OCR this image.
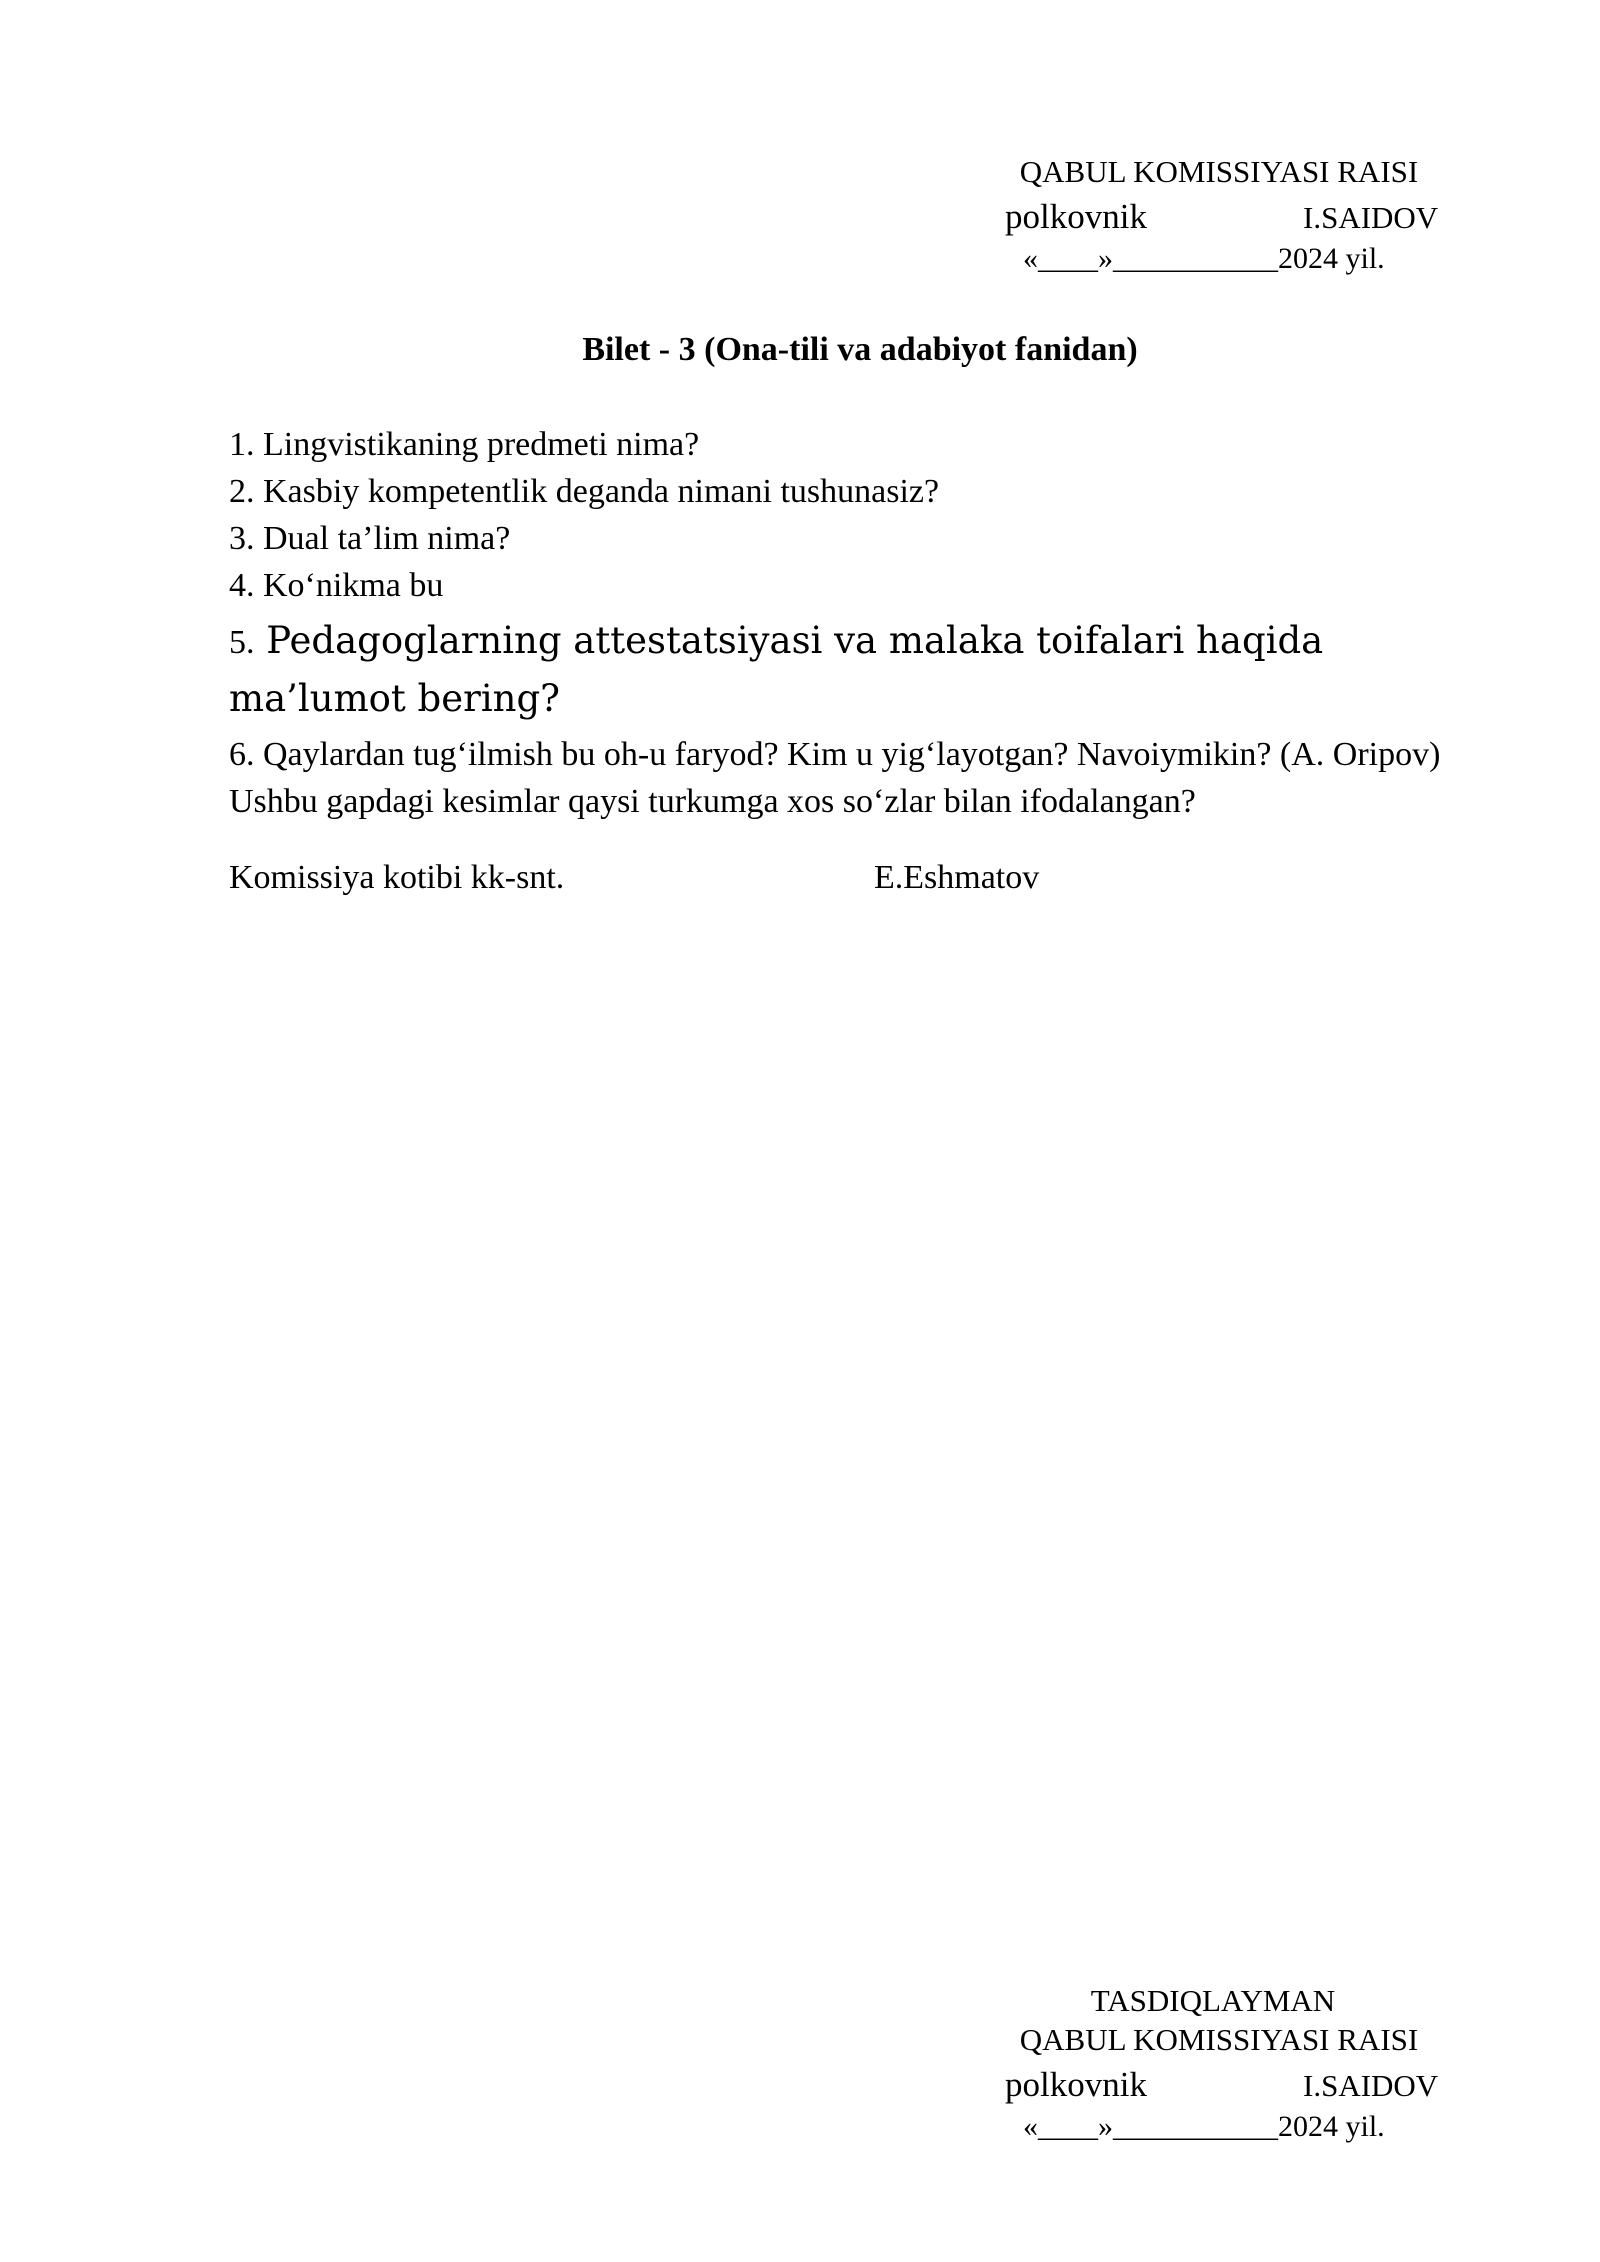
QABUL KOMISSIYASI RAISI
polkovnik	I.SAIDOV
«____»___________2024 yil.
Bilet - 3 (Ona-tili va adabiyot fanidan)

1. Lingvistikaning predmeti nima?

2. Kasbiy kompetentlik deganda nimani tushunasiz?

3. Dual ta’lim nima?

4. Ko‘nikma bu

5. Pedagoglarning attestatsiyasi va malaka toifalari haqida ma’lumot bering?

6. Qaylardan tug‘ilmish bu oh-u faryod? Kim u yig‘layotgan? Navoiymikin? (A. Oripov) Ushbu gapdagi kesimlar qaysi turkumga xos so‘zlar bilan ifodalangan?

Komissiya kotibi kk-snt.	E.Eshmatov
TASDIQLAYMAN
QABUL KOMISSIYASI RAISI
polkovnik	I.SAIDOV
«____»___________2024 yil.
